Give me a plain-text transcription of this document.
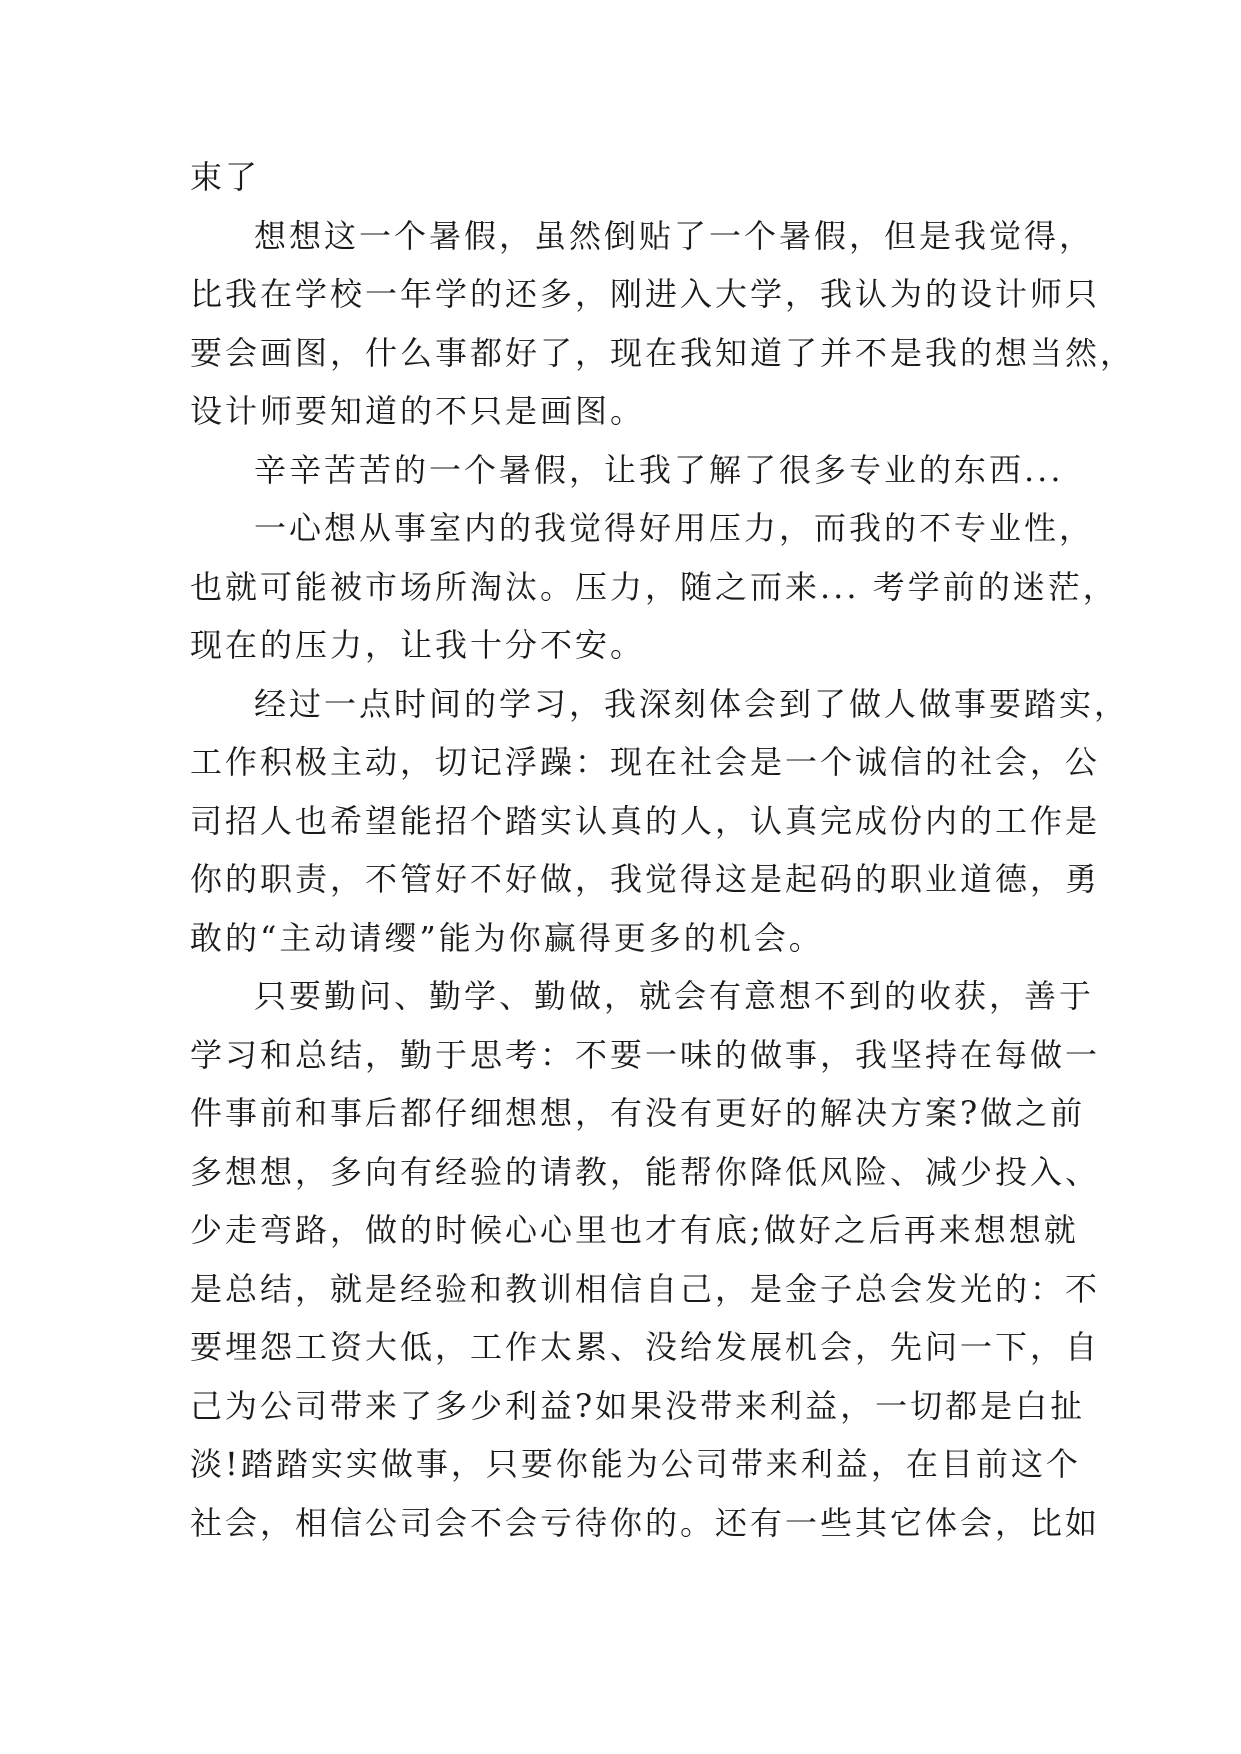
束了
想想这一个暑假，虽然倒贴了一个暑假，但是我觉得，
比我在学校一年学的还多，刚进入大学，我认为的设计师只
要会画图，什么事都好了，现在我知道了并不是我的想当然，
设计师要知道的不只是画图。
辛辛苦苦的一个暑假，让我了解了很多专业的东西...
一心想从事室内的我觉得好用压力，而我的不专业性，
也就可能被市场所淘汰。压力，随之而来... 考学前的迷茫，
现在的压力，让我十分不安。
经过一点时间的学习，我深刻体会到了做人做事要踏实，
工作积极主动，切记浮躁：现在社会是一个诚信的社会，公
司招人也希望能招个踏实认真的人，认真完成份内的工作是
你的职责，不管好不好做，我觉得这是起码的职业道德，勇
敢的“主动请缨”能为你赢得更多的机会。
只要勤问、勤学、勤做，就会有意想不到的收获，善于
学习和总结，勤于思考：不要一味的做事，我坚持在每做一
件事前和事后都仔细想想，有没有更好的解决方案?做之前
多想想，多向有经验的请教，能帮你降低风险、减少投入、
少走弯路，做的时候心心里也才有底;做好之后再来想想就
是总结，就是经验和教训相信自己，是金子总会发光的：不
要埋怨工资大低，工作太累、没给发展机会，先问一下，自
己为公司带来了多少利益?如果没带来利益，一切都是白扯
淡!踏踏实实做事，只要你能为公司带来利益，在目前这个
社会，相信公司会不会亏待你的。还有一些其它体会，比如
